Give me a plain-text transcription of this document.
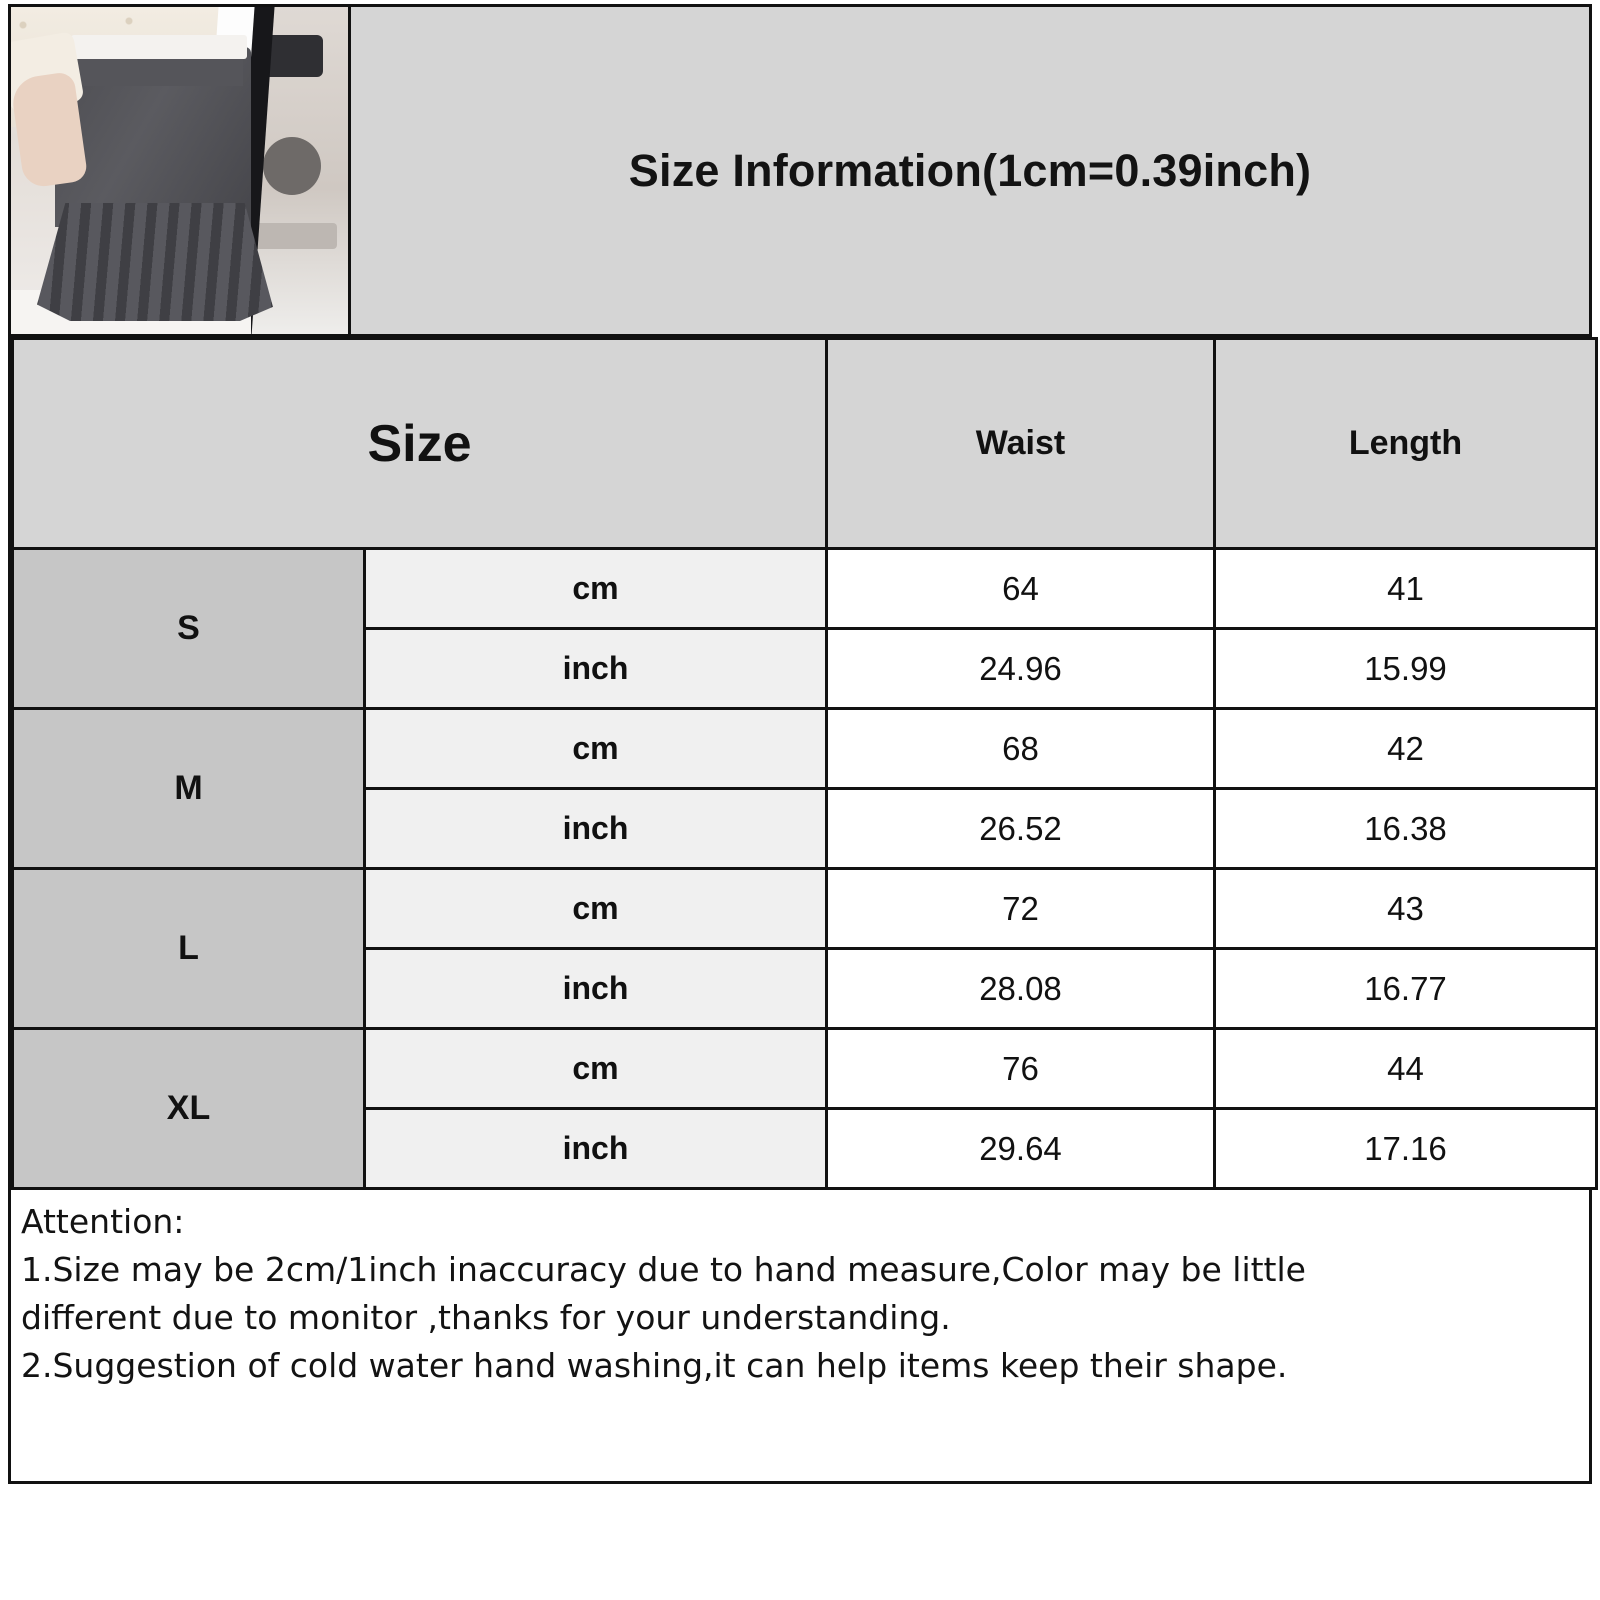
Size Information(1cm=0.39inch)
Size		Waist	Length
S	cm	64	41
	inch	24.96	15.99
M	cm	68	42
	inch	26.52	16.38
L	cm	72	43
	inch	28.08	16.77
XL	cm	76	44
	inch	29.64	17.16
Attention:
1.Size may be 2cm/1inch inaccuracy due to hand measure,Color may be little
different due to monitor ,thanks for your understanding.
2.Suggestion of cold water hand washing,it can help items keep their shape.
